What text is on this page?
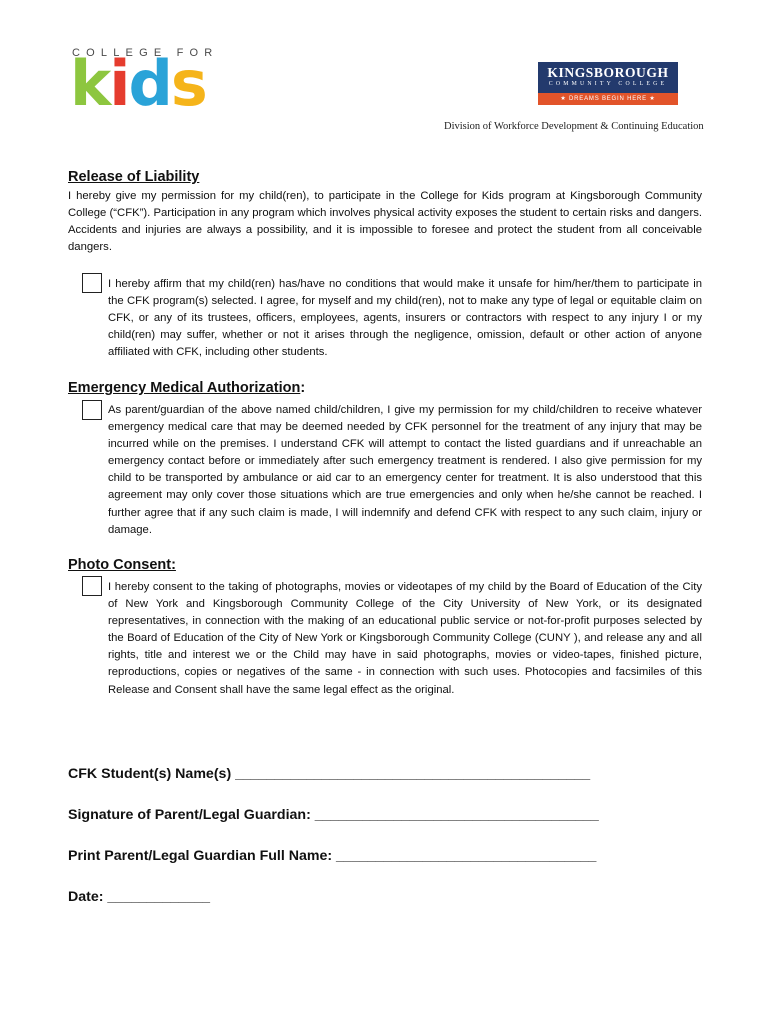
COLLEGE FOR
kids	KINGSBOROUGH
COMMUNITY COLLEGE
★ DREAMS BEGIN HERE ★
Division of Workforce Development & Continuing Education
Release of Liability
I hereby give my permission for my child(ren), to participate in the College for Kids program at Kingsborough Community College (“CFK”). Participation in any program which involves physical activity exposes the student to certain risks and dangers. Accidents and injuries are always a possibility, and it is impossible to foresee and protect the student from all conceivable dangers.
I hereby affirm that my child(ren) has/have no conditions that would make it unsafe for him/her/them to participate in the CFK program(s) selected. I agree, for myself and my child(ren), not to make any type of legal or equitable claim on CFK, or any of its trustees, officers, employees, agents, insurers or contractors with respect to any injury I or my child(ren) may suffer, whether or not it arises through the negligence, omission, default or other action of anyone affiliated with CFK, including other students.
Emergency Medical Authorization:
As parent/guardian of the above named child/children, I give my permission for my child/children to receive whatever emergency medical care that may be deemed needed by CFK personnel for the treatment of any injury that may be incurred while on the premises. I understand CFK will attempt to contact the listed guardians and if unreachable an emergency contact before or immediately after such emergency treatment is rendered. I also give permission for my child to be transported by ambulance or aid car to an emergency center for treatment. It is also understood that this agreement may only cover those situations which are true emergencies and only when he/she cannot be reached. I further agree that if any such claim is made, I will indemnify and defend CFK with respect to any such claim, injury or damage.
Photo Consent:
I hereby consent to the taking of photographs, movies or videotapes of my child by the Board of Education of the City of New York and Kingsborough Community College of the City University of New York, or its designated representatives, in connection with the making of an educational public service or not-for-profit purposes selected by the Board of Education of the City of New York or Kingsborough Community College (CUNY ), and release any and all rights, title and interest we or the Child may have in said photographs, movies or video-tapes, finished picture, reproductions, copies or negatives of the same - in connection with such uses. Photocopies and facsimiles of this Release and Consent shall have the same legal effect as the original.
CFK Student(s) Name(s) _____________________________________________
Signature of Parent/Legal Guardian: ____________________________________
Print Parent/Legal Guardian Full Name: _________________________________
Date: _____________
